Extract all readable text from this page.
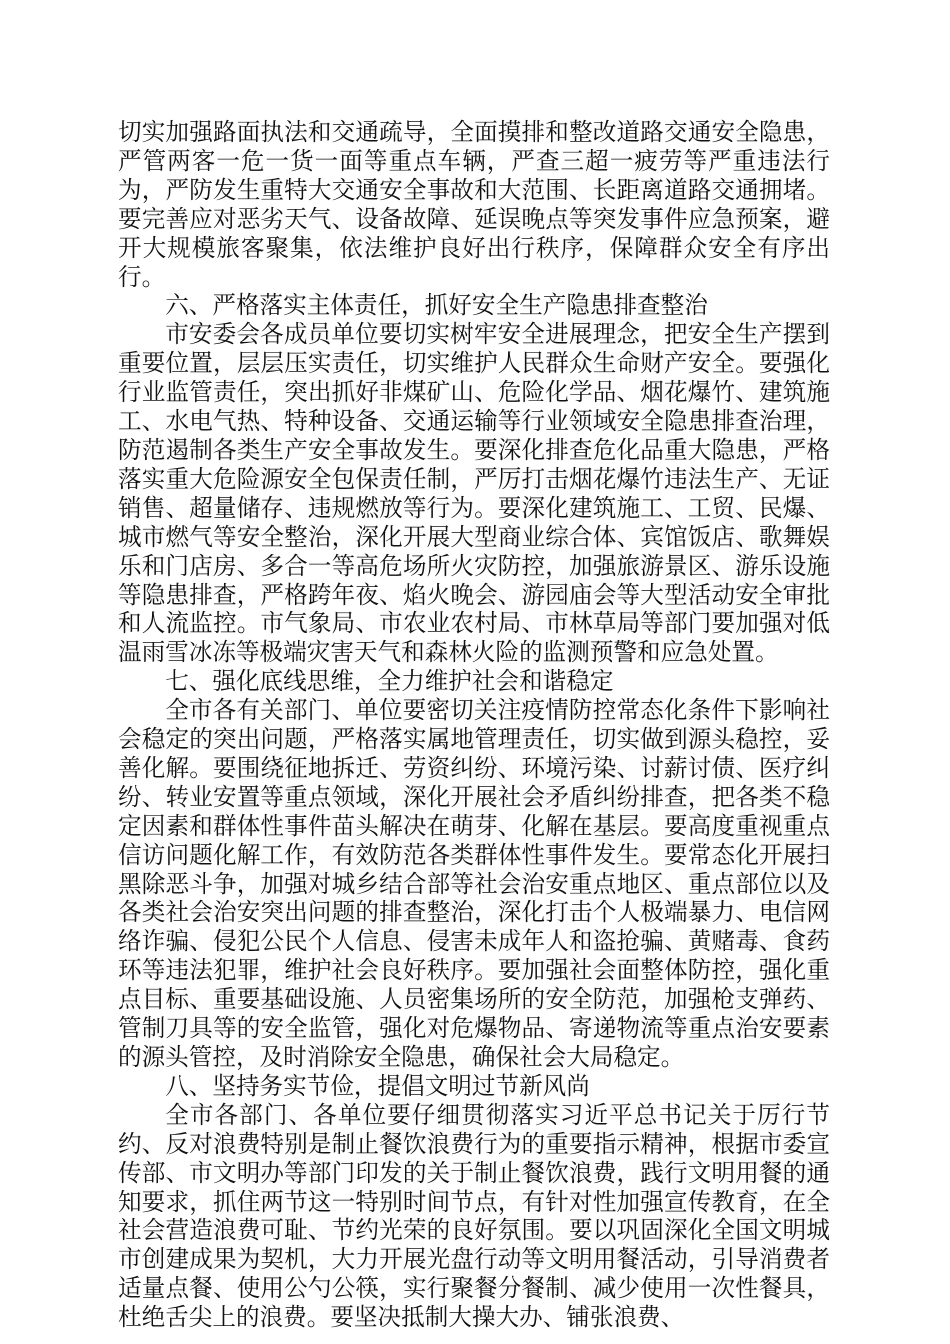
切实加强路面执法和交通疏导，全面摸排和整改道路交通安全隐患，严管两客一危一货一面等重点车辆，严查三超一疲劳等严重违法行为，严防发生重特大交通安全事故和大范围、长距离道路交通拥堵。要完善应对恶劣天气、设备故障、延误晚点等突发事件应急预案，避开大规模旅客聚集，依法维护良好出行秩序，保障群众安全有序出行。

六、严格落实主体责任，抓好安全生产隐患排查整治

市安委会各成员单位要切实树牢安全进展理念，把安全生产摆到重要位置，层层压实责任，切实维护人民群众生命财产安全。要强化行业监管责任，突出抓好非煤矿山、危险化学品、烟花爆竹、建筑施工、水电气热、特种设备、交通运输等行业领域安全隐患排查治理，防范遏制各类生产安全事故发生。要深化排查危化品重大隐患，严格落实重大危险源安全包保责任制，严厉打击烟花爆竹违法生产、无证销售、超量储存、违规燃放等行为。要深化建筑施工、工贸、民爆、城市燃气等安全整治，深化开展大型商业综合体、宾馆饭店、歌舞娱乐和门店房、多合一等高危场所火灾防控，加强旅游景区、游乐设施等隐患排查，严格跨年夜、焰火晚会、游园庙会等大型活动安全审批和人流监控。市气象局、市农业农村局、市林草局等部门要加强对低温雨雪冰冻等极端灾害天气和森林火险的监测预警和应急处置。

七、强化底线思维，全力维护社会和谐稳定

全市各有关部门、单位要密切关注疫情防控常态化条件下影响社会稳定的突出问题，严格落实属地管理责任，切实做到源头稳控，妥善化解。要围绕征地拆迁、劳资纠纷、环境污染、讨薪讨债、医疗纠纷、转业安置等重点领域，深化开展社会矛盾纠纷排查，把各类不稳定因素和群体性事件苗头解决在萌芽、化解在基层。要高度重视重点信访问题化解工作，有效防范各类群体性事件发生。要常态化开展扫黑除恶斗争，加强对城乡结合部等社会治安重点地区、重点部位以及各类社会治安突出问题的排查整治，深化打击个人极端暴力、电信网络诈骗、侵犯公民个人信息、侵害未成年人和盗抢骗、黄赌毒、食药环等违法犯罪，维护社会良好秩序。要加强社会面整体防控，强化重点目标、重要基础设施、人员密集场所的安全防范，加强枪支弹药、管制刀具等的安全监管，强化对危爆物品、寄递物流等重点治安要素的源头管控，及时消除安全隐患，确保社会大局稳定。

八、坚持务实节俭，提倡文明过节新风尚

全市各部门、各单位要仔细贯彻落实习近平总书记关于厉行节约、反对浪费特别是制止餐饮浪费行为的重要指示精神，根据市委宣传部、市文明办等部门印发的关于制止餐饮浪费，践行文明用餐的通知要求，抓住两节这一特别时间节点，有针对性加强宣传教育，在全社会营造浪费可耻、节约光荣的良好氛围。要以巩固深化全国文明城市创建成果为契机，大力开展光盘行动等文明用餐活动，引导消费者适量点餐、使用公勺公筷，实行聚餐分餐制、减少使用一次性餐具，杜绝舌尖上的浪费。要坚决抵制大操大办、铺张浪费、
